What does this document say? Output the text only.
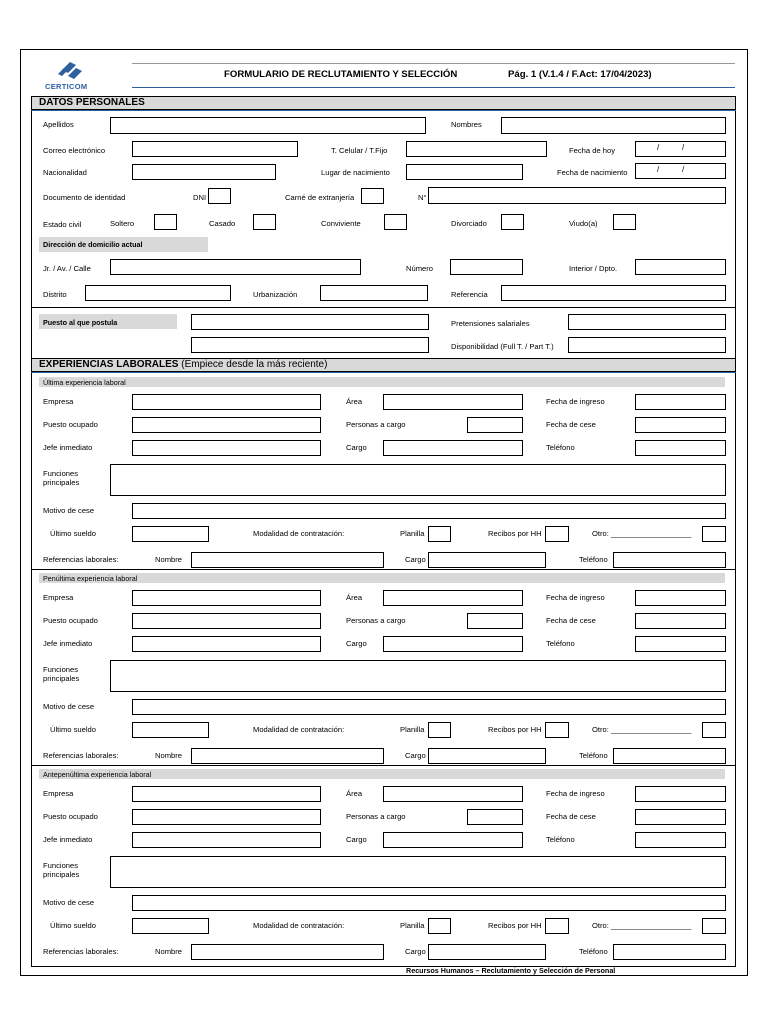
CERTICOM
FORMULARIO DE RECLUTAMIENTO Y SELECCIÓN	Pág. 1 (V.1.4 / F.Act: 17/04/2023)
DATOS PERSONALES
Apellidos	Nombres
Correo electrónico	T. Celular / T.Fijo	Fecha de hoy	/	/
Nacionalidad	Lugar de nacimiento	Fecha de nacimiento	/	/
Documento de identidad	DNI	Carné de extranjería	N°
Estado civil	Soltero	Casado	Conviviente	Divorciado	Viudo(a)
Dirección de domicilio actual
Jr. / Av. / Calle	Número	Interior / Dpto.
Distrito	Urbanización	Referencia
Puesto al que postula	Pretensiones salariales
Disponibilidad (Full T. / Part T.)
EXPERIENCIAS LABORALES (Empiece desde la más reciente)
Última experiencia laboral
Empresa	Área	Fecha de ingreso
Puesto ocupado	Personas a cargo	Fecha de cese
Jefe inmediato	Cargo	Teléfono
Funciones principales
Motivo de cese
Último sueldo	Modalidad de contratación:	Planilla	Recibos por HH	Otro: ___________________
Referencias laborales:	Nombre	Cargo	Teléfono
Penúltima experiencia laboral
Empresa	Área	Fecha de ingreso
Puesto ocupado	Personas a cargo	Fecha de cese
Jefe inmediato	Cargo	Teléfono
Funciones principales
Motivo de cese
Último sueldo	Modalidad de contratación:	Planilla	Recibos por HH	Otro: ___________________
Referencias laborales:	Nombre	Cargo	Teléfono
Antepenúltima experiencia laboral
Empresa	Área	Fecha de ingreso
Puesto ocupado	Personas a cargo	Fecha de cese
Jefe inmediato	Cargo	Teléfono
Funciones principales
Motivo de cese
Último sueldo	Modalidad de contratación:	Planilla	Recibos por HH	Otro: ___________________
Referencias laborales:	Nombre	Cargo	Teléfono
Recursos Humanos – Reclutamiento y Selección de Personal
